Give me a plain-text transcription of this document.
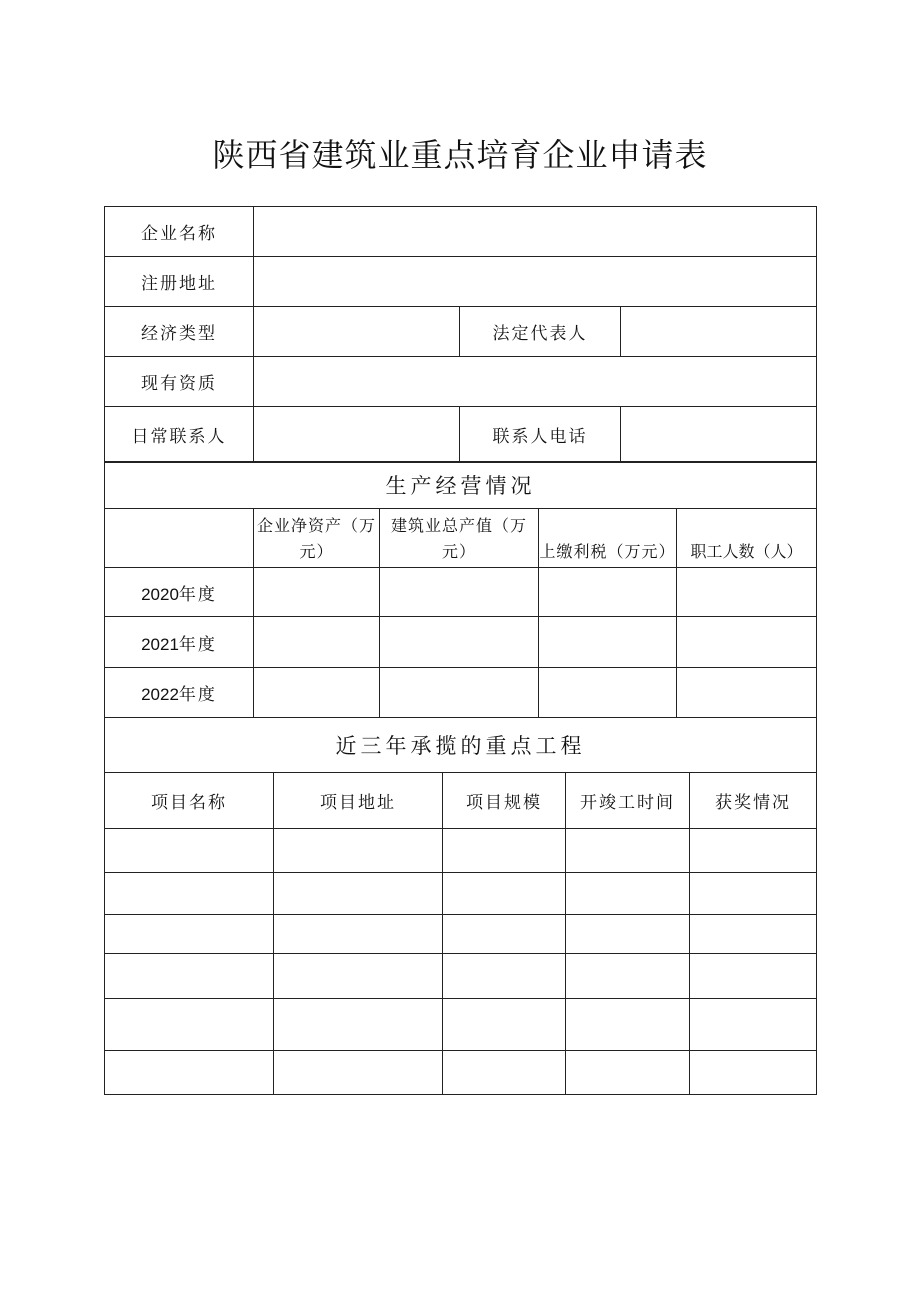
陕西省建筑业重点培育企业申请表
企业名称			
注册地址			
经济类型		法定代表人	
现有资质			
日常联系人		联系人电话	
生产经营情况				
	企业净资产（万元）	建筑业总产值（万元）	上缴利税（万元）	职工人数（人）
2020年度				
2021年度				
2022年度				
近三年承揽的重点工程				
项目名称	项目地址	项目规模	开竣工时间	获奖情况
